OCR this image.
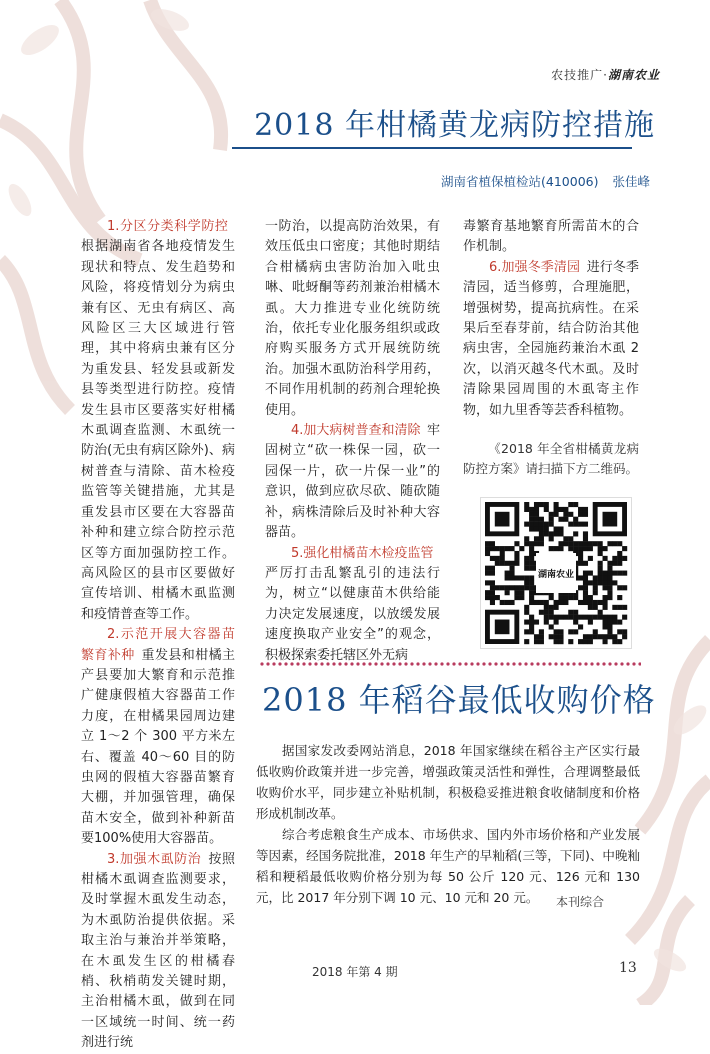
农技推广·湖南农业
2018 年柑橘黄龙病防控措施
湖南省植保植检站(410006) 张佳峰

  1.分区分类科学防控 根据湖南省各地疫情发生现状和特点、发生趋势和风险，将疫情划分为病虫兼有区、无虫有病区、高风险区三大区域进行管理，其中将病虫兼有区分为重发县、轻发县或新发县等类型进行防控。疫情发生县市区要落实好柑橘木虱调查监测、木虱统一防治(无虫有病区除外)、病树普查与清除、苗木检疫监管等关键措施，尤其是重发县市区要在大容器苗补种和建立综合防控示范区等方面加强防控工作。高风险区的县市区要做好宣传培训、柑橘木虱监测和疫情普查等工作。

  2.示范开展大容器苗繁育补种  重发县和柑橘主产县要加大繁育和示范推广健康假植大容器苗工作力度，在柑橘果园周边建立 1～2 个 300 平方米左右、覆盖 40～60 目的防虫网的假植大容器苗繁育大棚，并加强管理，确保苗木安全，做到补种新苗要100%使用大容器苗。

  3.加强木虱防治  按照柑橘木虱调查监测要求，及时掌握木虱发生动态，为木虱防治提供依据。采取主治与兼治并举策略，在木虱发生区的柑橘春梢、秋梢萌发关键时期，主治柑橘木虱，做到在同一区域统一时间、统一药剂进行统

一防治，以提高防治效果，有效压低虫口密度；其他时期结合柑橘病虫害防治加入吡虫啉、吡蚜酮等药剂兼治柑橘木虱。大力推进专业化统防统治，依托专业化服务组织或政府购买服务方式开展统防统治。加强木虱防治科学用药，不同作用机制的药剂合理轮换使用。

  4.加大病树普查和清除  牢固树立“砍一株保一园，砍一园保一片，砍一片保一业”的意识，做到应砍尽砍、随砍随补，病株清除后及时补种大容器苗。

  5.强化柑橘苗木检疫监管 严厉打击乱繁乱引的违法行为，树立“以健康苗木供给能力决定发展速度，以放缓发展速度换取产业安全”的观念，积极探索委托辖区外无病

毒繁育基地繁育所需苗木的合作机制。

  6.加强冬季清园  进行冬季清园，适当修剪，合理施肥，增强树势，提高抗病性。在采果后至春芽前，结合防治其他病虫害，全园施药兼治木虱 2 次，以消灭越冬代木虱。及时清除果园周围的木虱寄主作物，如九里香等芸香科植物。

  《2018 年全省柑橘黄龙病防控方案》请扫描下方二维码。

湖南农业
2018 年稻谷最低收购价格

据国家发改委网站消息，2018 年国家继续在稻谷主产区实行最低收购价政策并进一步完善，增强政策灵活性和弹性，合理调整最低收购价水平，同步建立补贴机制，积极稳妥推进粮食收储制度和价格形成机制改革。

综合考虑粮食生产成本、市场供求、国内外市场价格和产业发展等因素，经国务院批准，2018 年生产的早籼稻(三等，下同)、中晚籼稻和粳稻最低收购价格分别为每 50 公斤 120 元、126 元和 130 元，比 2017 年分别下调 10 元、10 元和 20 元。	本刊综合
2018 年第 4 期	13
